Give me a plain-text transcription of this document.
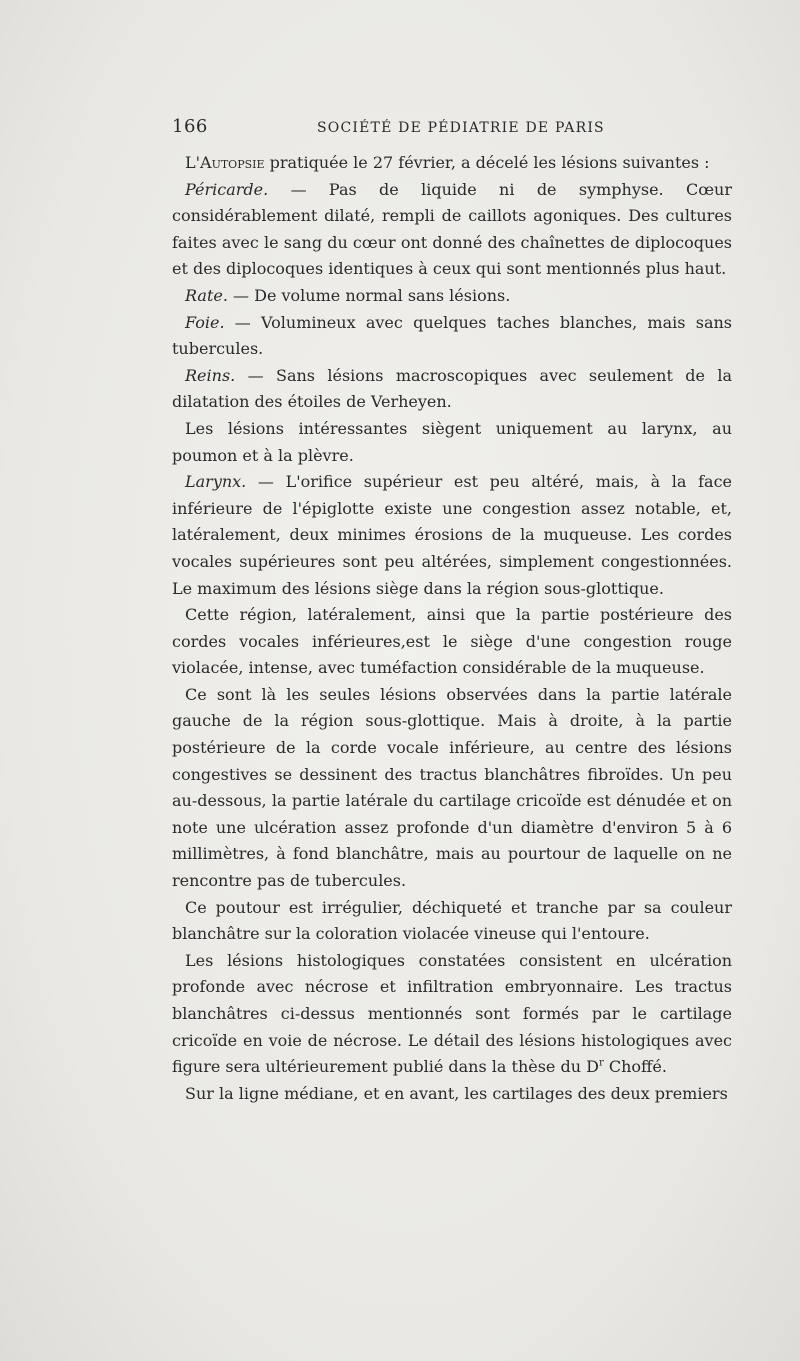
166	SOCIÉTÉ DE PÉDIATRIE DE PARIS

L'Autopsie pratiquée le 27 février, a décelé les lésions suivantes :

Péricarde. — Pas de liquide ni de symphyse. Cœur considérablement dilaté, rempli de caillots agoniques. Des cultures faites avec le sang du cœur ont donné des chaînettes de diplocoques et des diplocoques identiques à ceux qui sont mentionnés plus haut.

Rate. — De volume normal sans lésions.

Foie. — Volumineux avec quelques taches blanches, mais sans tubercules.

Reins. — Sans lésions macroscopiques avec seulement de la dilatation des étoiles de Verheyen.

Les lésions intéressantes siègent uniquement au larynx, au poumon et à la plèvre.

Larynx. — L'orifice supérieur est peu altéré, mais, à la face inférieure de l'épiglotte existe une congestion assez notable, et, latéralement, deux minimes érosions de la muqueuse. Les cordes vocales supérieures sont peu altérées, simplement congestionnées. Le maximum des lésions siège dans la région sous-glottique.

Cette région, latéralement, ainsi que la partie postérieure des cordes vocales inférieures,est le siège d'une congestion rouge violacée, intense, avec tuméfaction considérable de la muqueuse.

Ce sont là les seules lésions observées dans la partie latérale gauche de la région sous-glottique. Mais à droite, à la partie postérieure de la corde vocale inférieure, au centre des lésions congestives se dessinent des tractus blanchâtres fibroïdes. Un peu au-dessous, la partie latérale du cartilage cricoïde est dénudée et on note une ulcération assez profonde d'un diamètre d'environ 5 à 6 millimètres, à fond blanchâtre, mais au pourtour de laquelle on ne rencontre pas de tubercules.

Ce poutour est irrégulier, déchiqueté et tranche par sa couleur blanchâtre sur la coloration violacée vineuse qui l'entoure.

Les lésions histologiques constatées consistent en ulcération profonde avec nécrose et infiltration embryonnaire. Les tractus blanchâtres ci-dessus mentionnés sont formés par le cartilage cricoïde en voie de nécrose. Le détail des lésions histologiques avec figure sera ultérieurement publié dans la thèse du $D^r$ Choffé.

Sur la ligne médiane, et en avant, les cartilages des deux premiers
